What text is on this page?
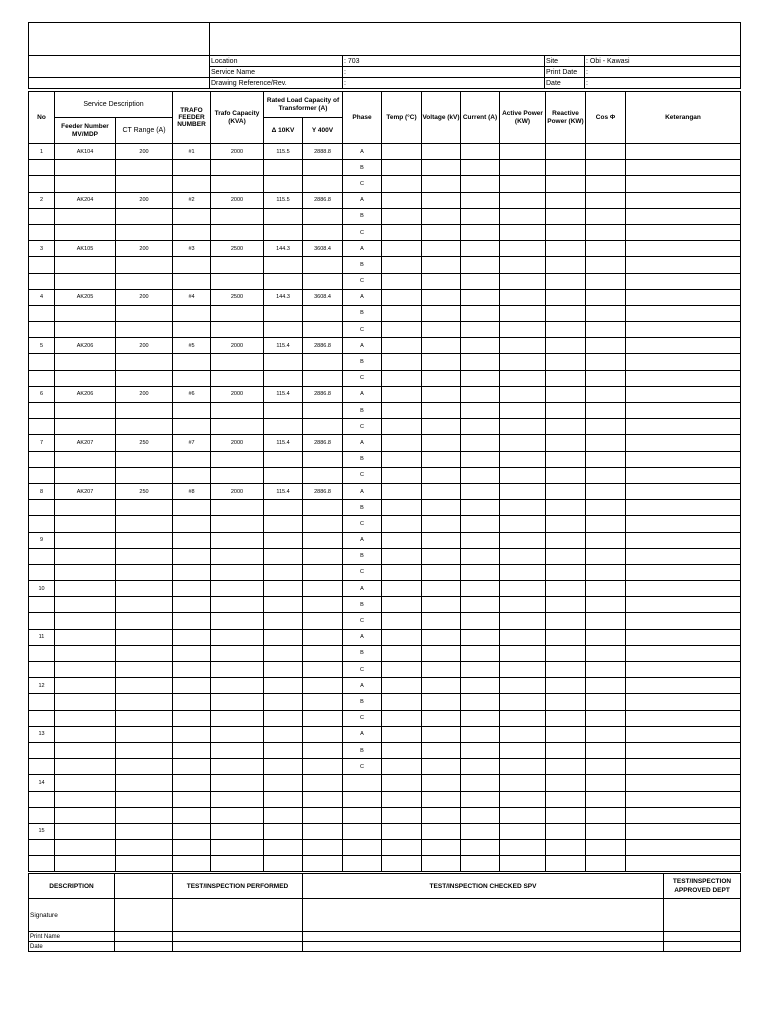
	Location	: 703	Site	: Obi - Kawasi
	Service Name	:	Print Date	:
	Drawing Reference/Rev.	:	Date	:
No	Service Description		TRAFO FEEDER NUMBER	Trafo Capacity (KVA)	Rated Load Capacity of Transformer (A)		Phase	Temp (°C)	Voltage (kV)	Current (A)	Active Power (KW)	Reactive Power (KW)	Cos Φ	Keterangan
	Feeder Number MV/MDP	CT Range (A)			Δ 10KV	Y 400V								
1	AK104	200	#1	2000	115.5	2888.8	A							
							B							
							C							
2	AK204	200	#2	2000	115.5	2886.8	A							
							B							
							C							
3	AK105	200	#3	2500	144.3	3608.4	A							
							B							
							C							
4	AK205	200	#4	2500	144.3	3608.4	A							
							B							
							C							
5	AK206	200	#5	2000	115.4	2886.8	A							
							B							
							C							
6	AK206	200	#6	2000	115.4	2886.8	A							
							B							
							C							
7	AK207	250	#7	2000	115.4	2886.8	A							
							B							
							C							
8	AK207	250	#8	2000	115.4	2886.8	A							
							B							
							C							
9							A							
							B							
							C							
10							A							
							B							
							C							
11							A							
							B							
							C							
12							A							
							B							
							C							
13							A							
							B							
							C							
14														

15														

DESCRIPTION		TEST/INSPECTION PERFORMED	TEST/INSPECTION CHECKED SPV	TEST/INSPECTION APPROVED DEPT
Signature				
Print Name				
Date				
